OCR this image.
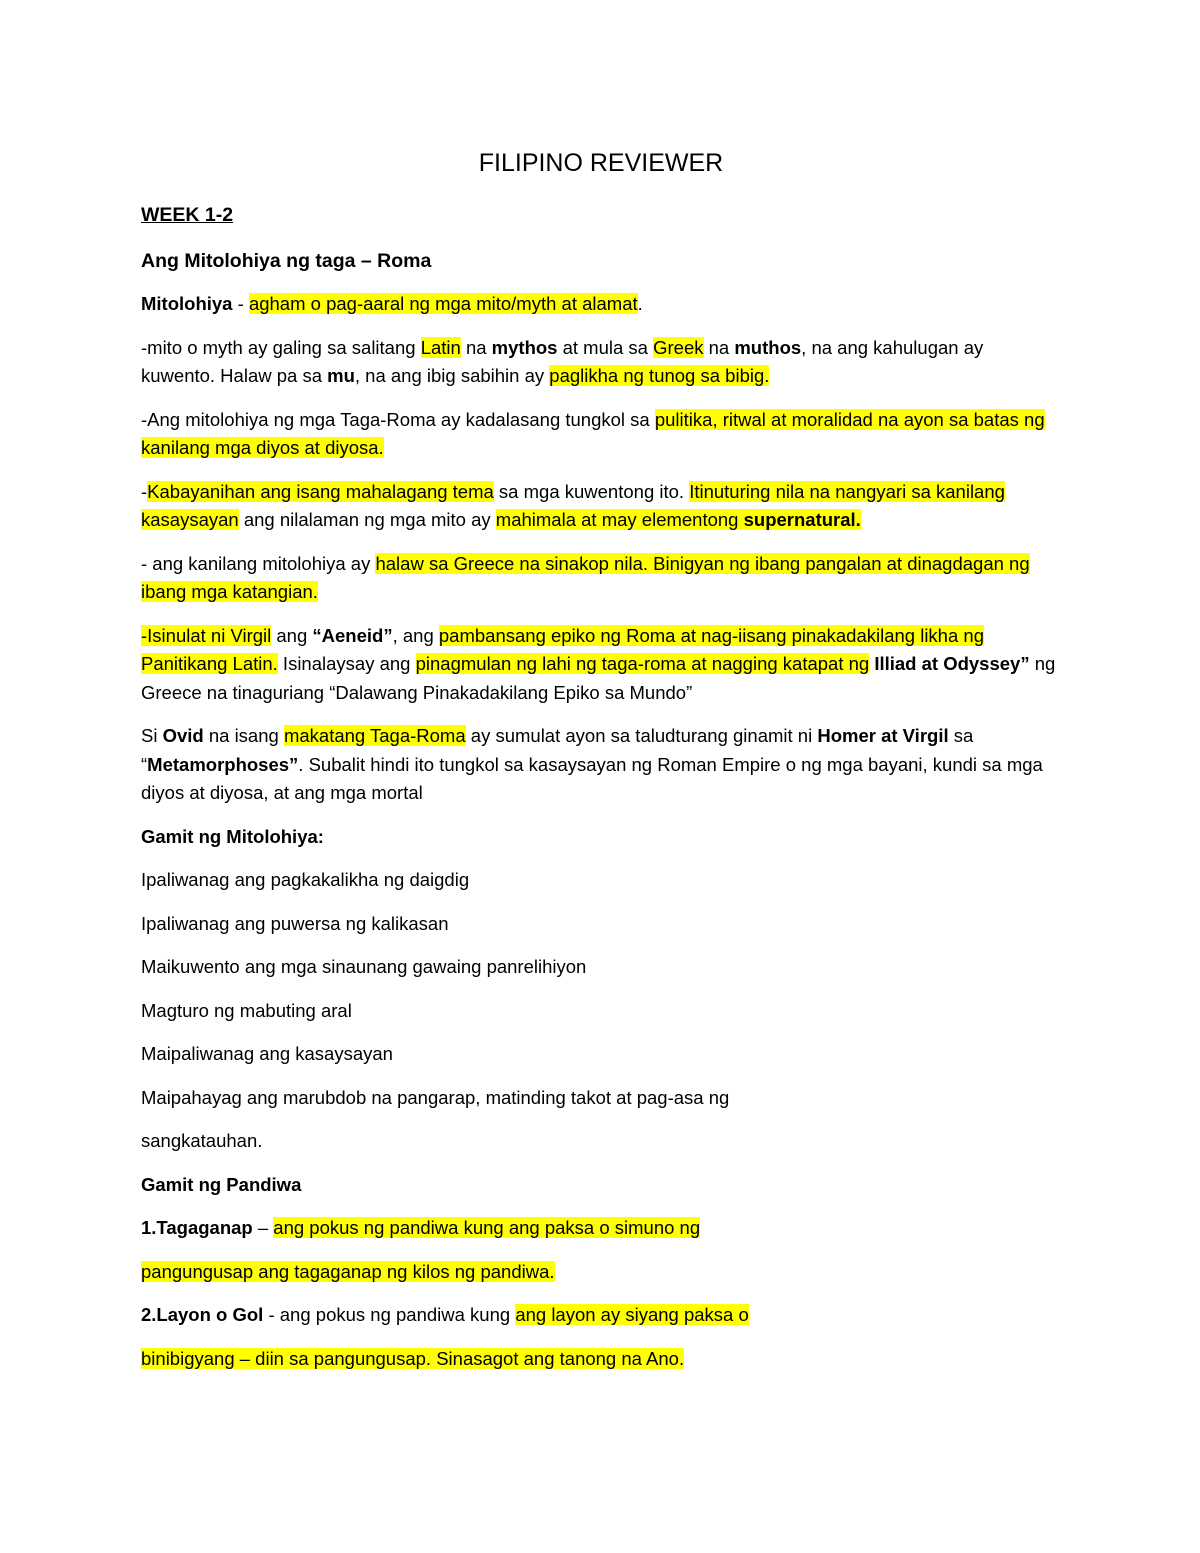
FILIPINO REVIEWER
WEEK 1-2
Ang Mitolohiya ng taga – Roma
Mitolohiya - agham o pag-aaral ng mga mito/myth at alamat.
-mito o myth ay galing sa salitang Latin na mythos at mula sa Greek na muthos, na ang kahulugan ay kuwento. Halaw pa sa mu, na ang ibig sabihin ay paglikha ng tunog sa bibig.
-Ang mitolohiya ng mga Taga-Roma ay kadalasang tungkol sa pulitika, ritwal at moralidad na ayon sa batas ng kanilang mga diyos at diyosa.
-Kabayanihan ang isang mahalagang tema sa mga kuwentong ito. Itinuturing nila na nangyari sa kanilang kasaysayan ang nilalaman ng mga mito ay mahimala at may elementong supernatural.
- ang kanilang mitolohiya ay halaw sa Greece na sinakop nila. Binigyan ng ibang pangalan at dinagdagan ng ibang mga katangian.
-Isinulat ni Virgil ang “Aeneid”, ang pambansang epiko ng Roma at nag-iisang pinakadakilang likha ng Panitikang Latin. Isinalaysay ang pinagmulan ng lahi ng taga-roma at nagging katapat ng Illiad at Odyssey” ng Greece na tinaguriang “Dalawang Pinakadakilang Epiko sa Mundo”
Si Ovid na isang makatang Taga-Roma ay sumulat ayon sa taludturang ginamit ni Homer at Virgil sa “Metamorphoses”. Subalit hindi ito tungkol sa kasaysayan ng Roman Empire o ng mga bayani, kundi sa mga diyos at diyosa, at ang mga mortal
Gamit ng Mitolohiya:
Ipaliwanag ang pagkakalikha ng daigdig
Ipaliwanag ang puwersa ng kalikasan
Maikuwento ang mga sinaunang gawaing panrelihiyon
Magturo ng mabuting aral
Maipaliwanag ang kasaysayan
Maipahayag ang marubdob na pangarap, matinding takot at pag-asa ng
sangkatauhan.
Gamit ng Pandiwa
1.Tagaganap – ang pokus ng pandiwa kung ang paksa o simuno ng
pangungusap ang tagaganap ng kilos ng pandiwa.
2.Layon o Gol - ang pokus ng pandiwa kung ang layon ay siyang paksa o
binibigyang – diin sa pangungusap. Sinasagot ang tanong na Ano.
